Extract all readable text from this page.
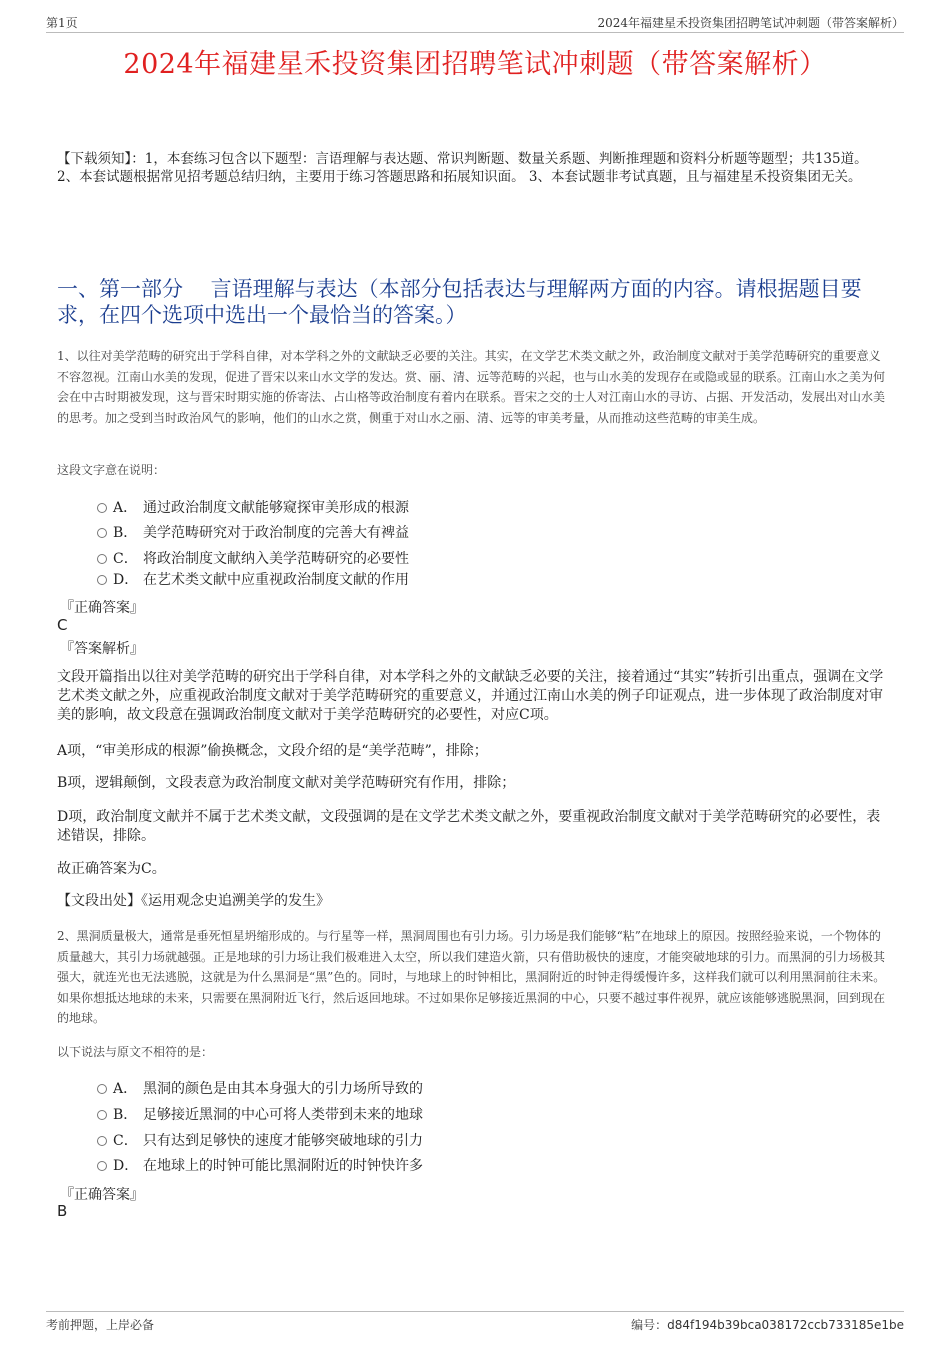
第1页	2024年福建星禾投资集团招聘笔试冲刺题（带答案解析）
2024年福建星禾投资集团招聘笔试冲刺题（带答案解析）
【下载须知】：1，本套练习包含以下题型：言语理解与表达题、常识判断题、数量关系题、判断推理题和资料分析题等题型；共135道。 2、本套试题根据常见招考题总结归纳，主要用于练习答题思路和拓展知识面。 3、本套试题非考试真题，且与福建星禾投资集团无关。
一、第一部分　 言语理解与表达（本部分包括表达与理解两方面的内容。请根据题目要求，在四个选项中选出一个最恰当的答案。）
1、以往对美学范畴的研究出于学科自律，对本学科之外的文献缺乏必要的关注。其实，在文学艺术类文献之外，政治制度文献对于美学范畴研究的重要意义不容忽视。江南山水美的发现，促进了晋宋以来山水文学的发达。赏、丽、清、远等范畴的兴起，也与山水美的发现存在或隐或显的联系。江南山水之美为何会在中古时期被发现，这与晋宋时期实施的侨寄法、占山格等政治制度有着内在联系。晋宋之交的士人对江南山水的寻访、占据、开发活动，发展出对山水美的思考。加之受到当时政治风气的影响，他们的山水之赏，侧重于对山水之丽、清、远等的审美考量，从而推动这些范畴的审美生成。
这段文字意在说明：
A． 通过政治制度文献能够窥探审美形成的根源
B． 美学范畴研究对于政治制度的完善大有裨益
C． 将政治制度文献纳入美学范畴研究的必要性
D． 在艺术类文献中应重视政治制度文献的作用
『正确答案』
C
『答案解析』
文段开篇指出以往对美学范畴的研究出于学科自律，对本学科之外的文献缺乏必要的关注，接着通过“其实”转折引出重点，强调在文学艺术类文献之外，应重视政治制度文献对于美学范畴研究的重要意义，并通过江南山水美的例子印证观点，进一步体现了政治制度对审美的影响，故文段意在强调政治制度文献对于美学范畴研究的必要性，对应C项。
A项，“审美形成的根源”偷换概念，文段介绍的是“美学范畴”，排除；
B项，逻辑颠倒，文段表意为政治制度文献对美学范畴研究有作用，排除；
D项，政治制度文献并不属于艺术类文献，文段强调的是在文学艺术类文献之外，要重视政治制度文献对于美学范畴研究的必要性，表述错误，排除。
故正确答案为C。
【文段出处】《运用观念史追溯美学的发生》
2、黑洞质量极大，通常是垂死恒星坍缩形成的。与行星等一样，黑洞周围也有引力场。引力场是我们能够“粘”在地球上的原因。按照经验来说，一个物体的质量越大，其引力场就越强。正是地球的引力场让我们极难进入太空，所以我们建造火箭，只有借助极快的速度，才能突破地球的引力。而黑洞的引力场极其强大，就连光也无法逃脱，这就是为什么黑洞是“黑”色的。同时，与地球上的时钟相比，黑洞附近的时钟走得缓慢许多，这样我们就可以利用黑洞前往未来。如果你想抵达地球的未来，只需要在黑洞附近飞行，然后返回地球。不过如果你足够接近黑洞的中心，只要不越过事件视界，就应该能够逃脱黑洞，回到现在的地球。
以下说法与原文不相符的是：
A． 黑洞的颜色是由其本身强大的引力场所导致的
B． 足够接近黑洞的中心可将人类带到未来的地球
C． 只有达到足够快的速度才能够突破地球的引力
D． 在地球上的时钟可能比黑洞附近的时钟快许多
『正确答案』
B
考前押题，上岸必备	编号：d84f194b39bca038172ccb733185e1be
